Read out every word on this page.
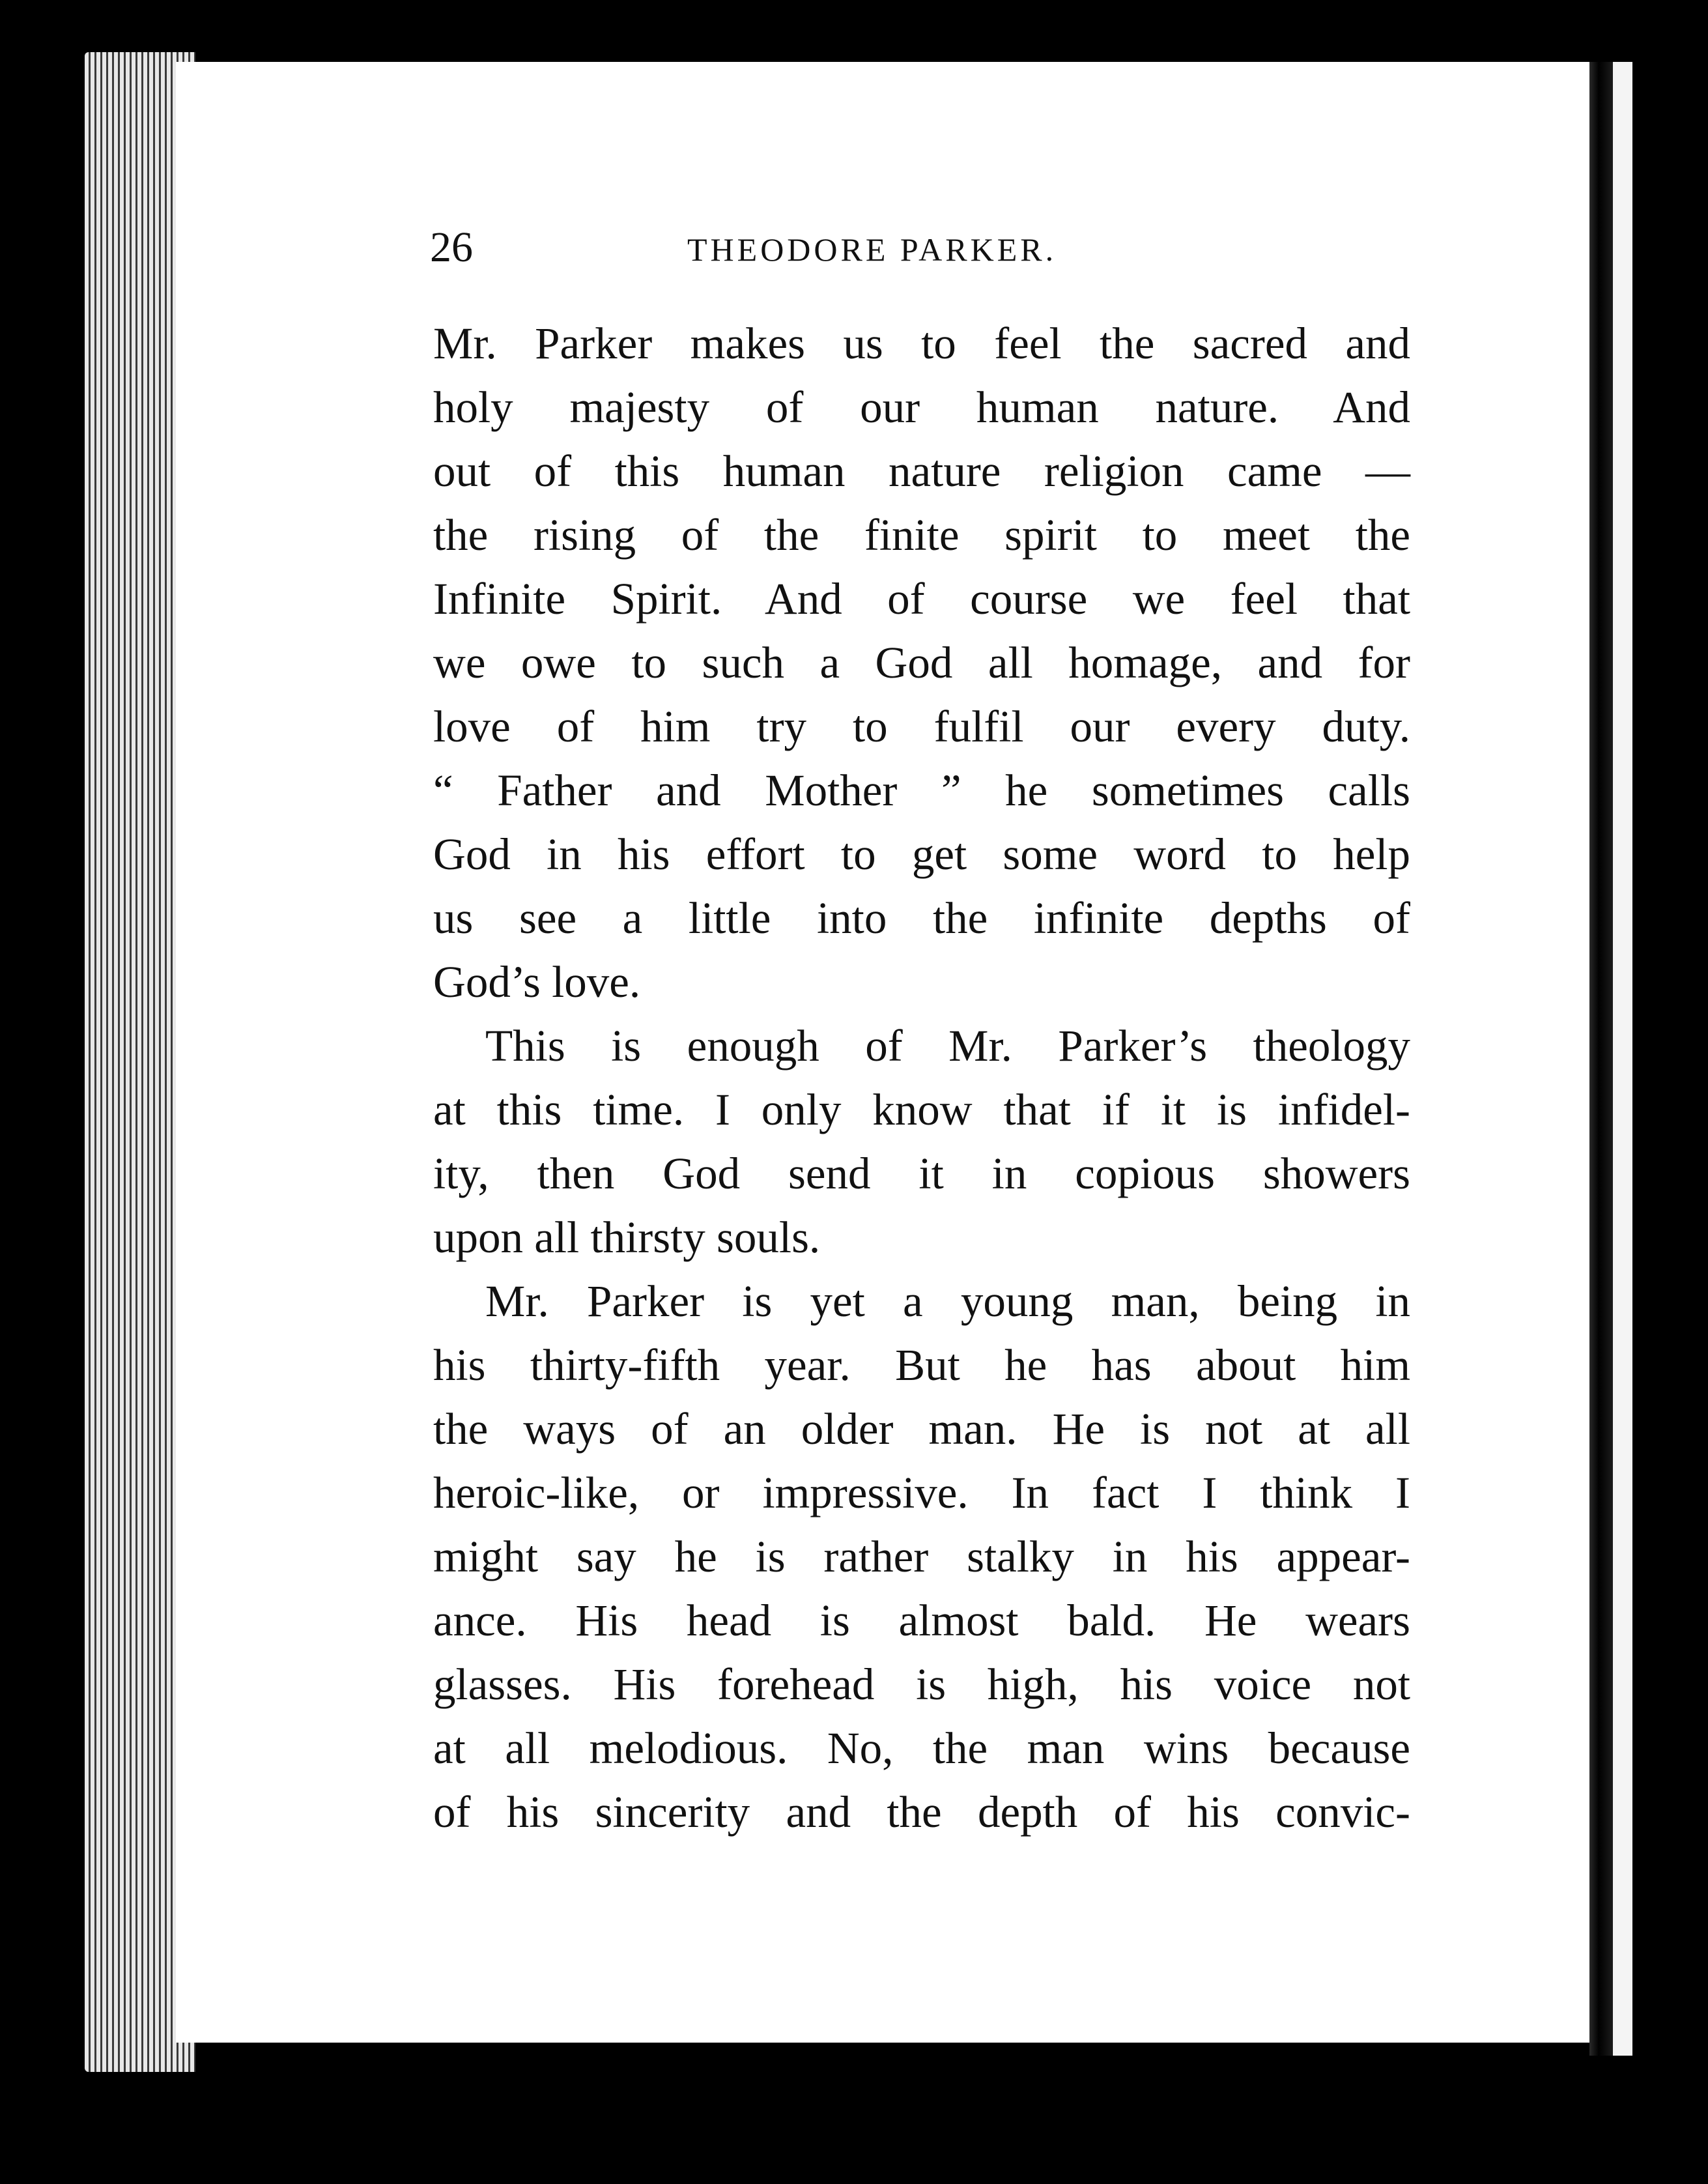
26	THEODORE PARKER.
Mr. Parker makes us to feel the sacred and
holy majesty of our human nature. And
out of this human nature religion came —
the rising of the finite spirit to meet the
Infinite Spirit. And of course we feel that
we owe to such a God all homage, and for
love of him try to fulfil our every duty.
“ Father and Mother ” he sometimes calls
God in his effort to get some word to help
us see a little into the infinite depths of
God’s love.
This is enough of Mr. Parker’s theology
at this time. I only know that if it is infidel-
ity, then God send it in copious showers
upon all thirsty souls.
Mr. Parker is yet a young man, being in
his thirty-fifth year. But he has about him
the ways of an older man. He is not at all
heroic-like, or impressive. In fact I think I
might say he is rather stalky in his appear-
ance. His head is almost bald. He wears
glasses. His forehead is high, his voice not
at all melodious. No, the man wins because
of his sincerity and the depth of his convic-
